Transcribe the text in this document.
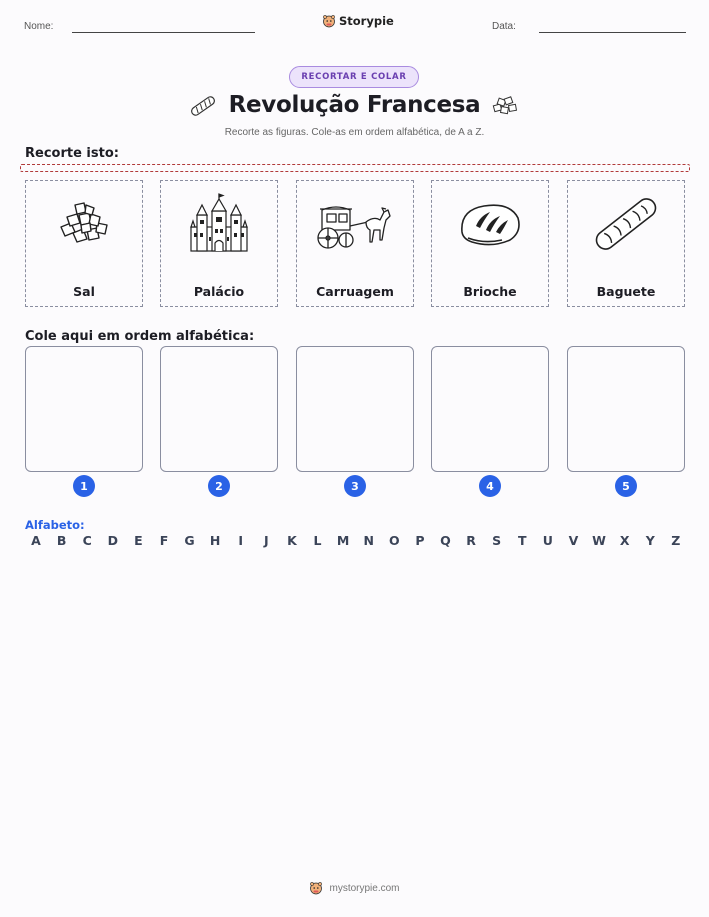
Nome:	Storypie	Data:
RECORTAR E COLAR
Revolução Francesa
Recorte as figuras. Cole-as em ordem alfabética, de A a Z.
Recorte isto:
Sal	Palácio	Carruagem	Brioche	Baguete
Cole aqui em ordem alfabética:
1	2	3	4	5
Alfabeto:
A	B	C	D	E	F	G	H	I	J	K	L	M	N	O	P	Q	R	S	T	U	V	W	X	Y	Z
mystorypie.com
